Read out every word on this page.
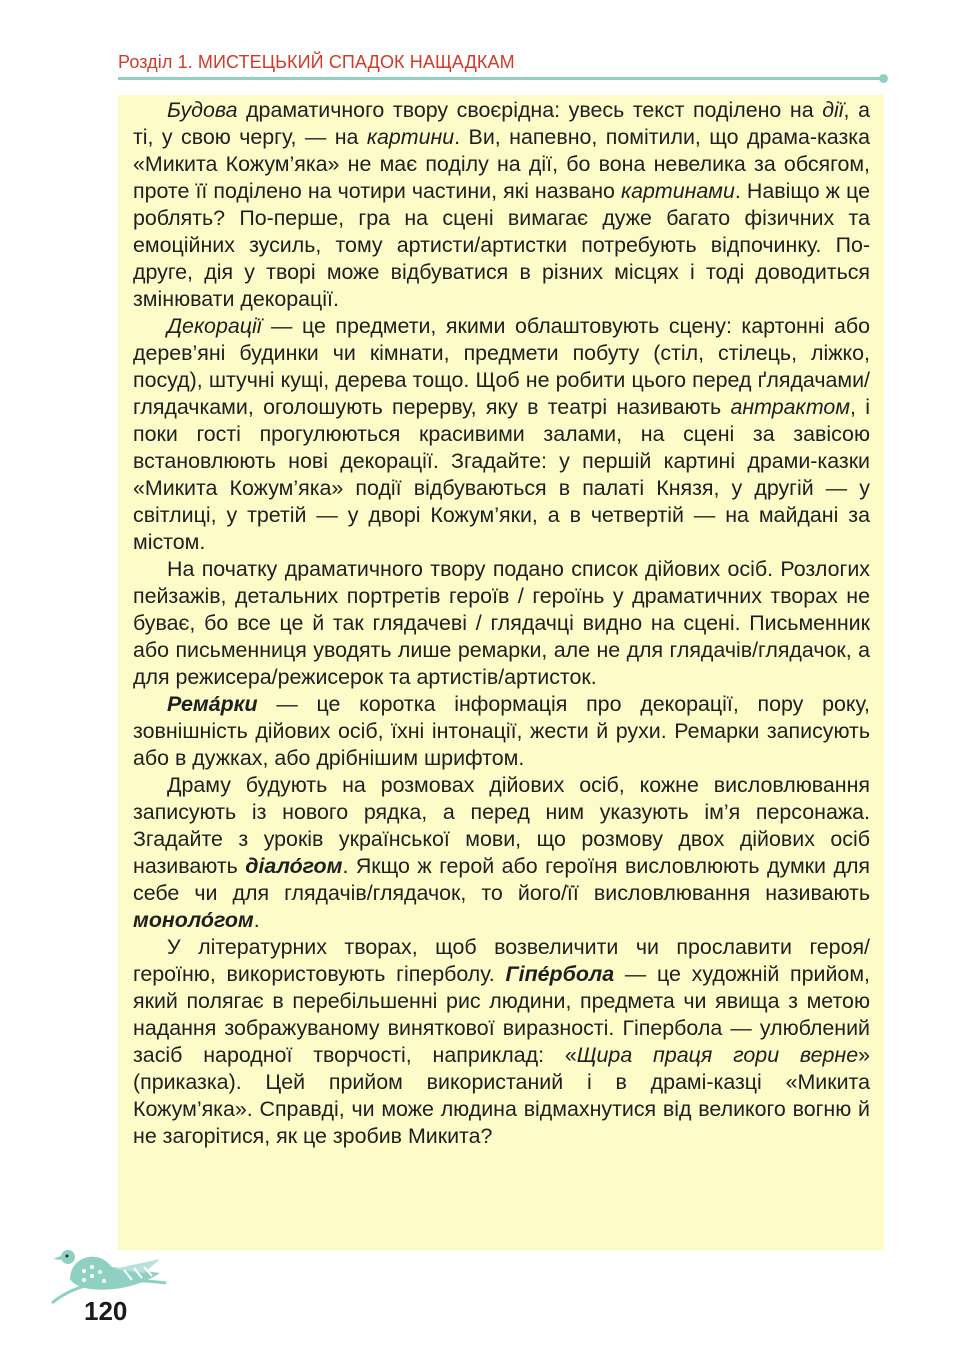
Розділ 1. МИСТЕЦЬКИЙ СПАДОК НАЩАДКАМ

Будова драматичного твору своєрідна: увесь текст поділено на дії, а ті, у свою чергу, — на картини. Ви, напевно, помітили, що драма-казка «Микита Кожум’яка» не має поділу на дії, бо вона невелика за обсягом, проте її поділено на чотири частини, які названо картинами. Навіщо ж це роблять? По-перше, гра на сцені вимагає дуже багато фізичних та емоційних зусиль, тому артисти/артистки потребують відпочинку. По-друге, дія у творі може відбуватися в різних місцях і тоді доводиться змінювати декорації.

Декорації — це предмети, якими облаштовують сцену: картонні або дерев’яні будинки чи кімнати, предмети побуту (стіл, стілець, ліжко, посуд), штучні кущі, дерева тощо. Щоб не робити цього перед ґлядачами/глядачками, оголошують перерву, яку в театрі називають антрактом, і поки гості прогулюються красивими залами, на сцені за завісою встановлюють нові декорації. Згадайте: у першій картині драми-казки «Микита Кожум’яка» події відбуваються в палаті Князя, у другій — у світлиці, у третій — у дворі Кожум’яки, а в четвертій — на майдані за містом.

На початку драматичного твору подано список дійових осіб. Розлогих пейзажів, детальних портретів героїв / героїнь у драматичних творах не буває, бо все це й так глядачеві / глядачці видно на сцені. Письменник або письменниця уводять лише ремарки, але не для глядачів/глядачок, а для режисера/режисерок та артистів/артисток.

Рема́рки — це коротка інформація про декорації, пору року, зовнішність дійових осіб, їхні інтонації, жести й рухи. Ремарки записують або в дужках, або дрібнішим шрифтом.

Драму будують на розмовах дійових осіб, кожне висловлювання записують із нового рядка, а перед ним указують ім’я персонажа. Згадайте з уроків української мови, що розмову двох дійових осіб називають діало́гом. Якщо ж герой або героїня висловлюють думки для себе чи для глядачів/глядачок, то його/її висловлювання називають моноло́гом.

У літературних творах, щоб возвеличити чи прославити героя/героїню, використовують гіперболу. Гіпе́рбола — це художній прийом, який полягає в перебільшенні рис людини, предмета чи явища з метою надання зображуваному виняткової виразності. Гіпербола — улюблений засіб народної творчості, наприклад: «Щира праця гори верне» (приказка). Цей прийом використаний і в драмі-казці «Микита Кожум’яка». Справді, чи може людина відмахнутися від великого вогню й не загорітися, як це зробив Микита?

120
